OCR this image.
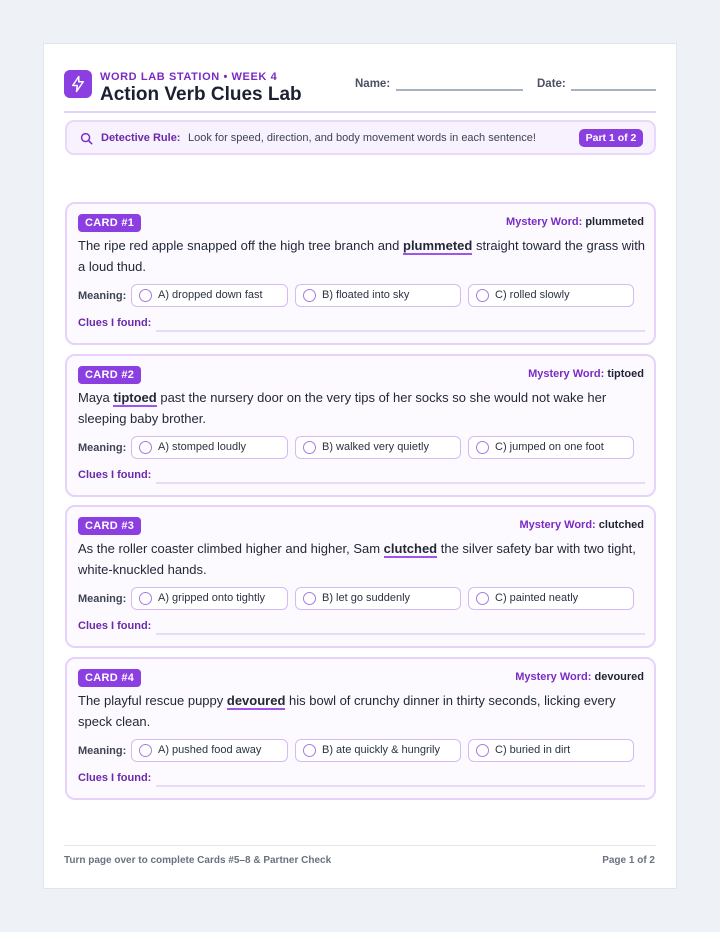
WORD LAB STATION • WEEK 4
Action Verb Clues Lab	Name:	Date:
Detective Rule: Look for speed, direction, and body movement words in each sentence!	Part 1 of 2
CARD #1	Mystery Word: plummeted
The ripe red apple snapped off the high tree branch and plummeted straight toward the grass with a loud thud.
Meaning:	A) dropped down fast	B) floated into sky	C) rolled slowly
Clues I found:
CARD #2	Mystery Word: tiptoed
Maya tiptoed past the nursery door on the very tips of her socks so she would not wake her sleeping baby brother.
Meaning:	A) stomped loudly	B) walked very quietly	C) jumped on one foot
Clues I found:
CARD #3	Mystery Word: clutched
As the roller coaster climbed higher and higher, Sam clutched the silver safety bar with two tight, white-knuckled hands.
Meaning:	A) gripped onto tightly	B) let go suddenly	C) painted neatly
Clues I found:
CARD #4	Mystery Word: devoured
The playful rescue puppy devoured his bowl of crunchy dinner in thirty seconds, licking every speck clean.
Meaning:	A) pushed food away	B) ate quickly & hungrily	C) buried in dirt
Clues I found:
Turn page over to complete Cards #5–8 & Partner Check	Page 1 of 2
